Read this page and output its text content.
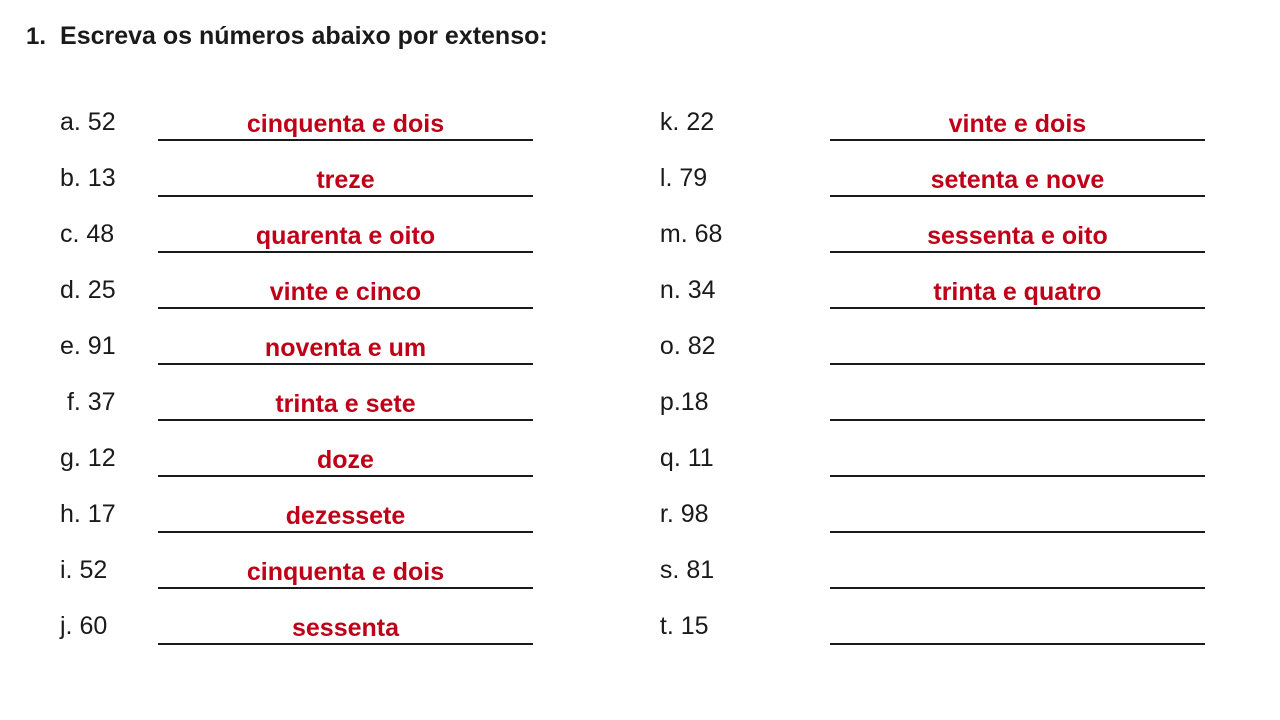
1. Escreva os números abaixo por extenso:
a. 52	cinquenta e dois
b. 13	treze
c. 48	quarenta e oito
d. 25	vinte e cinco
e. 91	noventa e um
f. 37	trinta e sete
g. 12	doze
h. 17	dezessete
i. 52	cinquenta e dois
j. 60	sessenta
k. 22	vinte e dois
l. 79	setenta e nove
m. 68	sessenta e oito
n. 34	trinta e quatro
o. 82
p.18
q. 11
r. 98
s. 81
t. 15
